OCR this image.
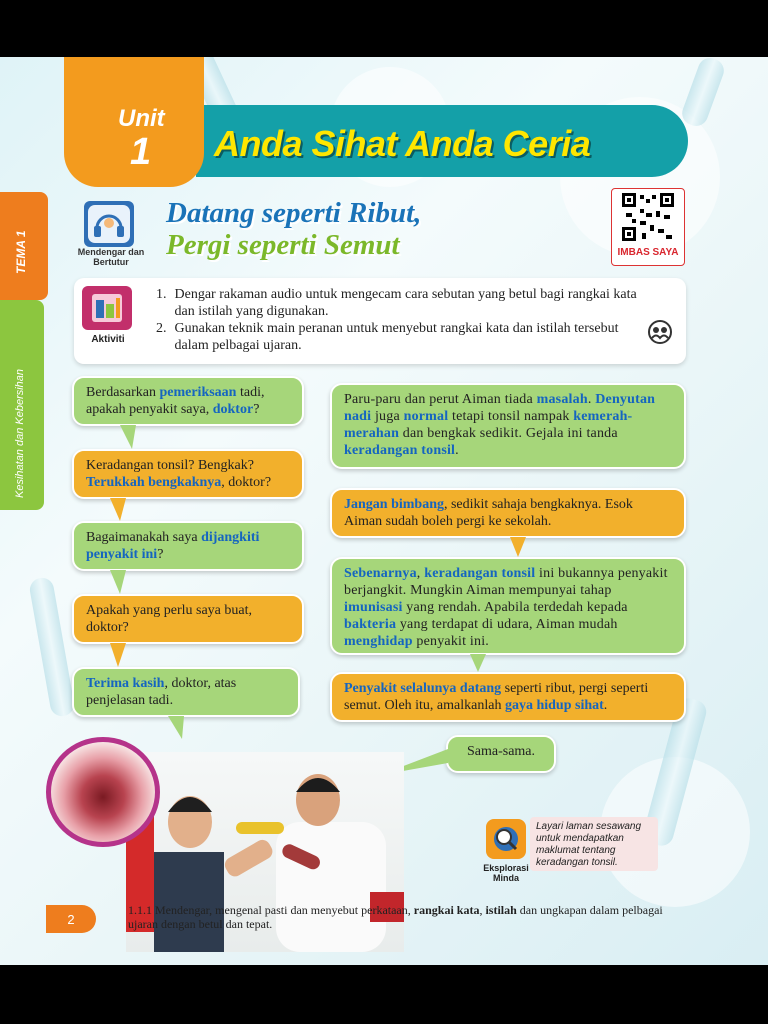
TEMA 1
Kesihatan dan Kebersihan
Unit
1 Anda Sihat Anda Ceria
Mendengar dan Bertutur
Datang seperti Ribut,
Pergi seperti Semut	IMBAS SAYA
Aktiviti
1. Dengar rakaman audio untuk mengecam cara sebutan yang betul bagi rangkai kata dan istilah yang digunakan.
2. Gunakan teknik main peranan untuk menyebut rangkai kata dan istilah tersebut dalam pelbagai ujaran.
Berdasarkan pemeriksaan tadi, apakah penyakit saya, doktor?
Keradangan tonsil? Bengkak? Terukkah bengkaknya, doktor?
Bagaimanakah saya dijangkiti penyakit ini?
Apakah yang perlu saya buat, doktor?
Terima kasih, doktor, atas penjelasan tadi.
Paru-paru dan perut Aiman tiada masalah. Denyutan nadi juga normal tetapi tonsil nampak kemerah-merahan dan bengkak sedikit. Gejala ini tanda keradangan tonsil.
Jangan bimbang, sedikit sahaja bengkaknya. Esok Aiman sudah boleh pergi ke sekolah.
Sebenarnya, keradangan tonsil ini bukannya penyakit berjangkit. Mungkin Aiman mempunyai tahap imunisasi yang rendah. Apabila terdedah kepada bakteria yang terdapat di udara, Aiman mudah menghidap penyakit ini.
Penyakit selalunya datang seperti ribut, pergi seperti semut. Oleh itu, amalkanlah gaya hidup sihat.
Sama-sama.
Eksplorasi Minda
Layari laman sesawang untuk mendapatkan maklumat tentang keradangan tonsil.
2
1.1.1 Mendengar, mengenal pasti dan menyebut perkataan, rangkai kata, istilah dan ungkapan dalam pelbagai ujaran dengan betul dan tepat.
